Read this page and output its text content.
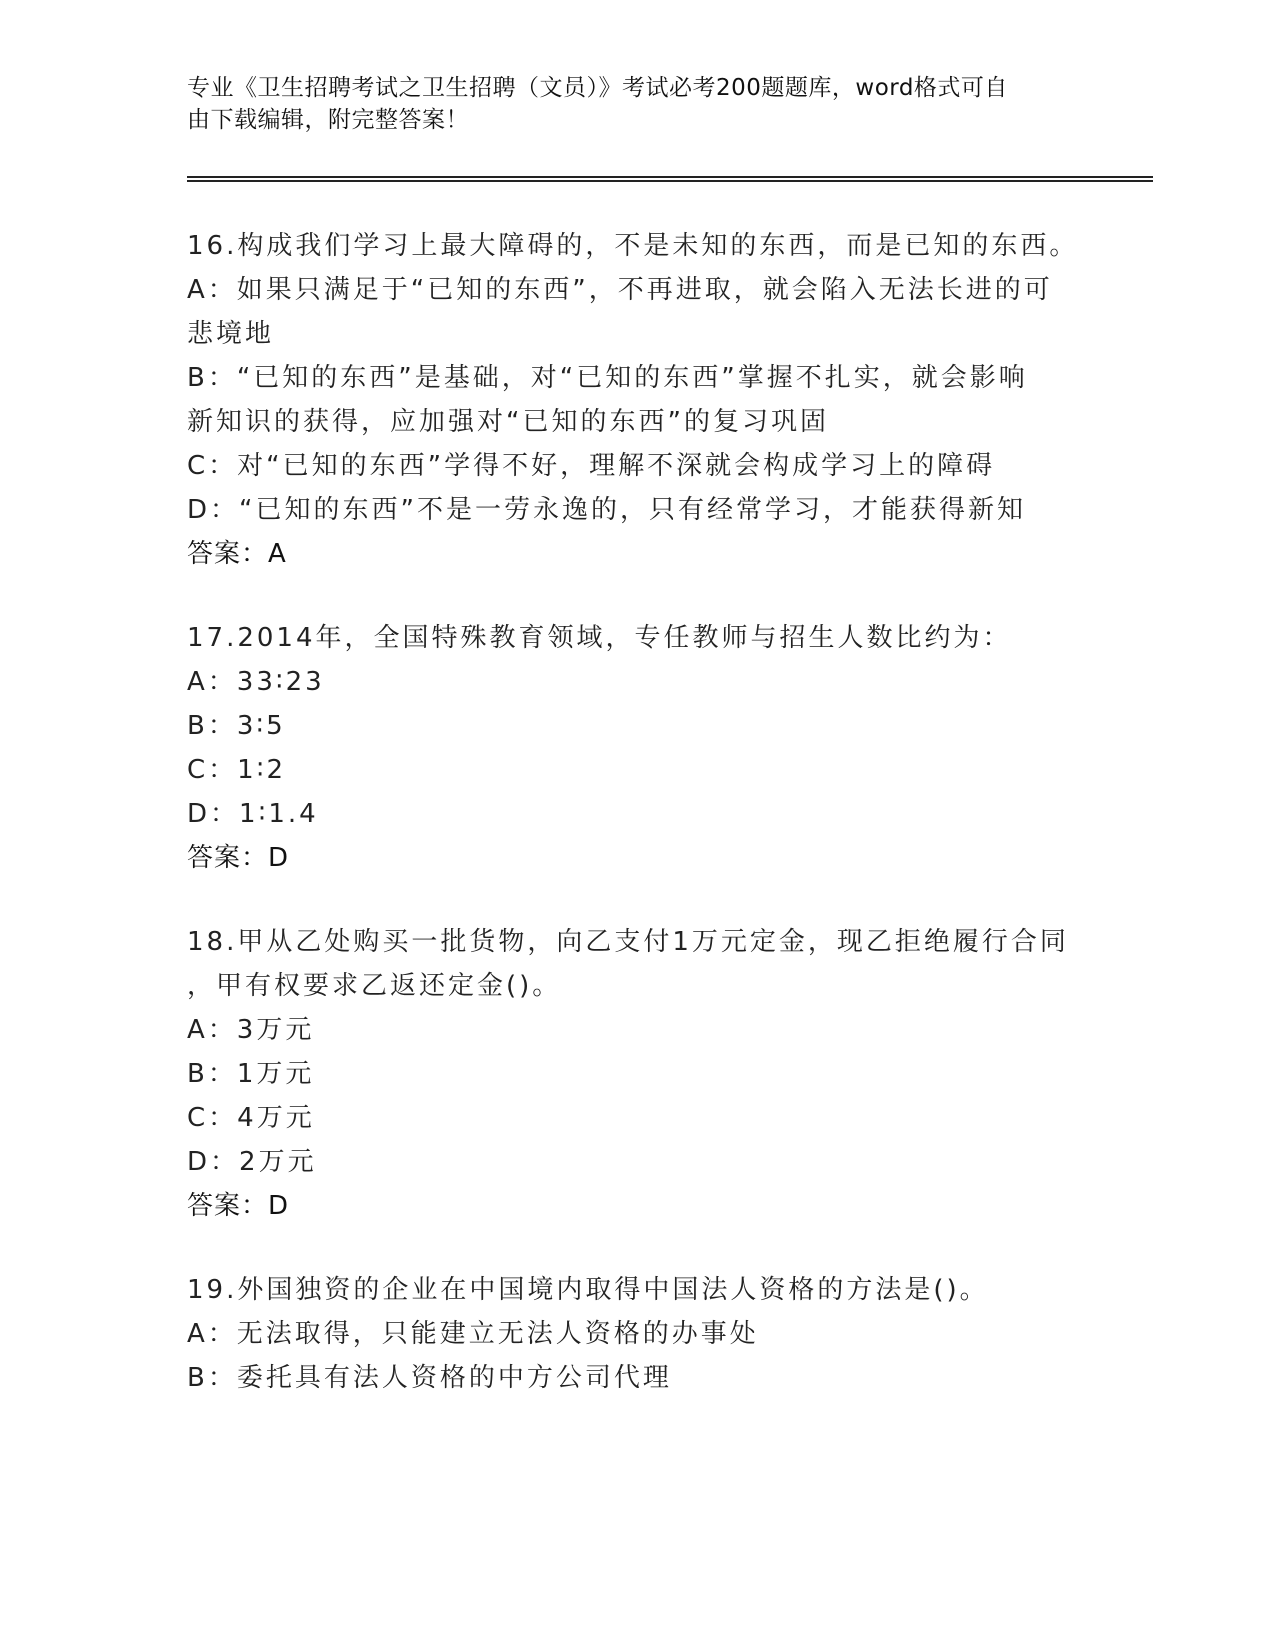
专业《卫生招聘考试之卫生招聘（文员）》考试必考200题题库，word格式可自
由下载编辑，附完整答案！
16.构成我们学习上最大障碍的，不是未知的东西，而是已知的东西。
A：如果只满足于“已知的东西”，不再进取，就会陷入无法长进的可
悲境地
B：“已知的东西”是基础，对“已知的东西”掌握不扎实，就会影响
新知识的获得，应加强对“已知的东西”的复习巩固
C：对“已知的东西”学得不好，理解不深就会构成学习上的障碍
D：“已知的东西”不是一劳永逸的，只有经常学习，才能获得新知
答案：A
17.2014年，全国特殊教育领域，专任教师与招生人数比约为：
A：33∶23
B：3∶5
C：1∶2
D：1∶1.4
答案：D
18.甲从乙处购买一批货物，向乙支付1万元定金，现乙拒绝履行合同
，甲有权要求乙返还定金()。
A：3万元
B：1万元
C：4万元
D：2万元
答案：D
19.外国独资的企业在中国境内取得中国法人资格的方法是()。
A：无法取得，只能建立无法人资格的办事处
B：委托具有法人资格的中方公司代理
